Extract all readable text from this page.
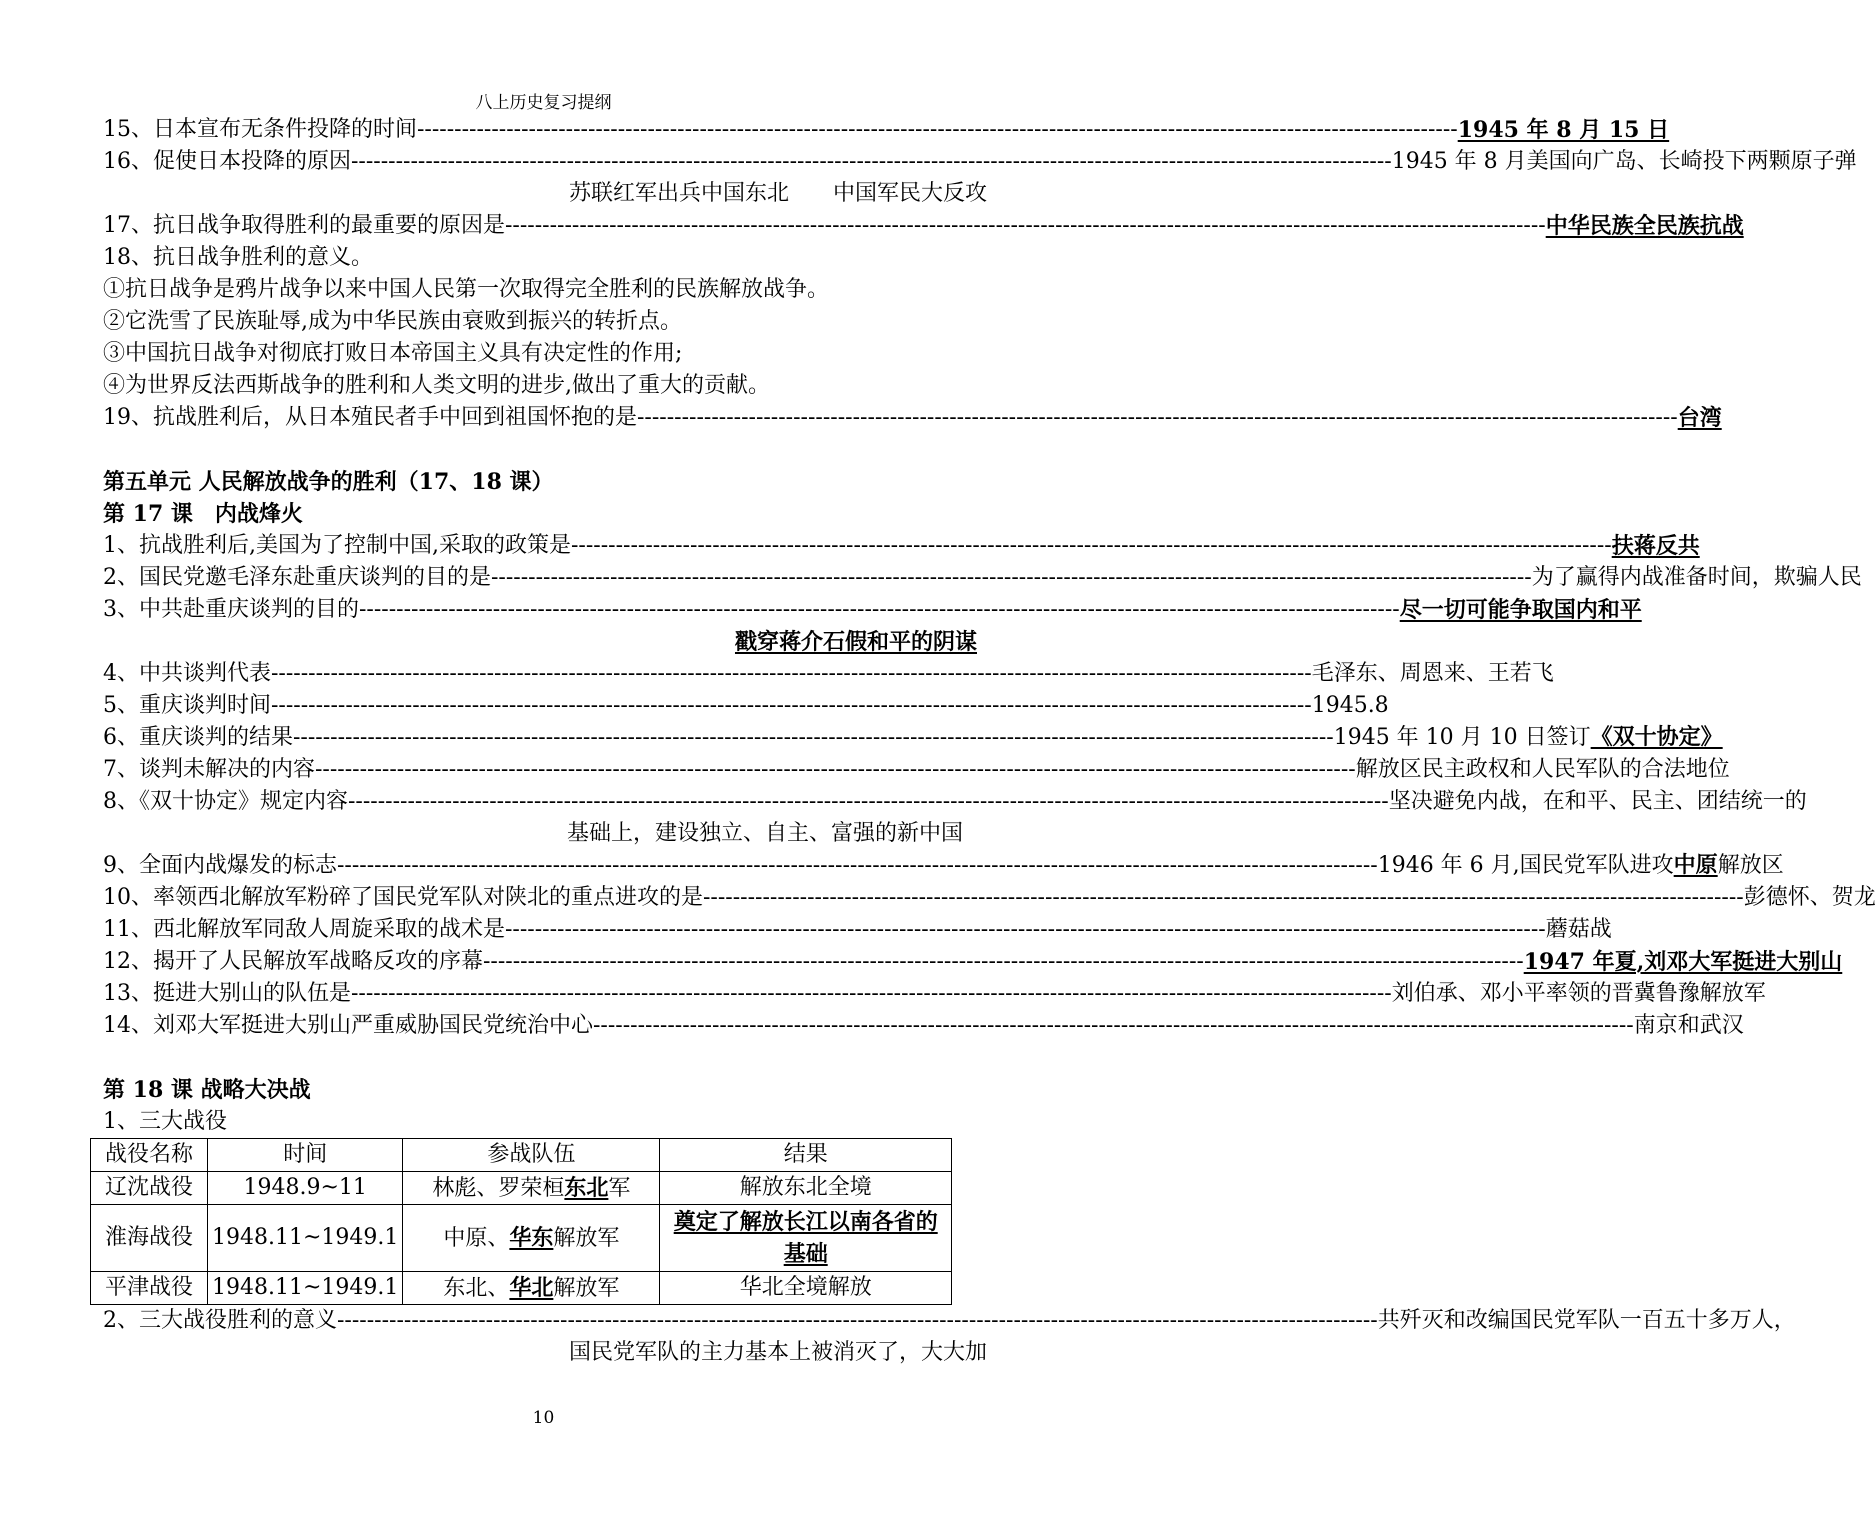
八上历史复习提纲
15、日本宣布无条件投降的时间 -------------------------------------------------------------------------------------------------------------------------------------------- 1945 年 8 月 15 日
16、促使日本投降的原因 -------------------------------------------------------------------------------------------------------------------------------------------- 1945 年 8 月美国向广岛、长崎投下两颗原子弹
苏联红军出兵中国东北　　中国军民大反攻
17、抗日战争取得胜利的最重要的原因是 -------------------------------------------------------------------------------------------------------------------------------------------- 中华民族全民族抗战
18、抗日战争胜利的意义。
①抗日战争是鸦片战争以来中国人民第一次取得完全胜利的民族解放战争。
②它洗雪了民族耻辱,成为中华民族由衰败到振兴的转折点。
③中国抗日战争对彻底打败日本帝国主义具有决定性的作用;
④为世界反法西斯战争的胜利和人类文明的进步,做出了重大的贡献。
19、抗战胜利后，从日本殖民者手中回到祖国怀抱的是 -------------------------------------------------------------------------------------------------------------------------------------------- 台湾
第五单元 人民解放战争的胜利（17、18 课）
第 17 课　内战烽火
1、抗战胜利后,美国为了控制中国,采取的政策是 -------------------------------------------------------------------------------------------------------------------------------------------- 扶蒋反共
2、国民党邀毛泽东赴重庆谈判的目的是 -------------------------------------------------------------------------------------------------------------------------------------------- 为了赢得内战准备时间，欺骗人民
3、中共赴重庆谈判的目的 -------------------------------------------------------------------------------------------------------------------------------------------- 尽一切可能争取国内和平
戳穿蒋介石假和平的阴谋
4、中共谈判代表 -------------------------------------------------------------------------------------------------------------------------------------------- 毛泽东、周恩来、王若飞
5、重庆谈判时间 -------------------------------------------------------------------------------------------------------------------------------------------- 1945.8
6、重庆谈判的结果 -------------------------------------------------------------------------------------------------------------------------------------------- 1945 年 10 月 10 日签订《双十协定》
7、谈判未解决的内容 -------------------------------------------------------------------------------------------------------------------------------------------- 解放区民主政权和人民军队的合法地位
8、《双十协定》规定内容 -------------------------------------------------------------------------------------------------------------------------------------------- 坚决避免内战，在和平、民主、团结统一的
基础上，建设独立、自主、富强的新中国
9、全面内战爆发的标志 -------------------------------------------------------------------------------------------------------------------------------------------- 1946 年 6 月,国民党军队进攻中原解放区
10、率领西北解放军粉碎了国民党军队对陕北的重点进攻的是 -------------------------------------------------------------------------------------------------------------------------------------------- 彭德怀、贺龙
11、西北解放军同敌人周旋采取的战术是 -------------------------------------------------------------------------------------------------------------------------------------------- 蘑菇战
12、揭开了人民解放军战略反攻的序幕 -------------------------------------------------------------------------------------------------------------------------------------------- 1947 年夏,刘邓大军挺进大别山
13、挺进大别山的队伍是 -------------------------------------------------------------------------------------------------------------------------------------------- 刘伯承、邓小平率领的晋冀鲁豫解放军
14、刘邓大军挺进大别山严重威胁国民党统治中心 -------------------------------------------------------------------------------------------------------------------------------------------- 南京和武汉
第 18 课 战略大决战
1、三大战役
战役名称	时间	参战队伍	结果
辽沈战役	1948.9~11	林彪、罗荣桓东北军	解放东北全境
淮海战役	1948.11~1949.1	中原、华东解放军	奠定了解放长江以南各省的基础
平津战役	1948.11~1949.1	东北、华北解放军	华北全境解放
2、三大战役胜利的意义 -------------------------------------------------------------------------------------------------------------------------------------------- 共歼灭和改编国民党军队一百五十多万人，
国民党军队的主力基本上被消灭了，大大加
10
